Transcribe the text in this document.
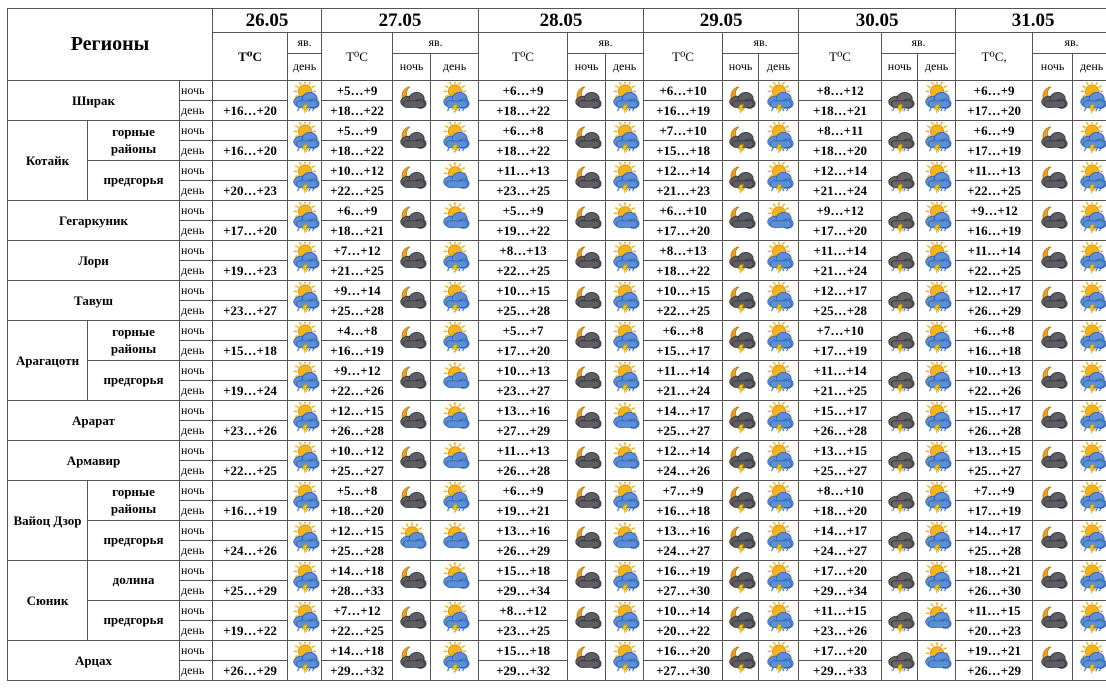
Регионы			26.05		27.05			28.05			29.05			30.05			31.05		
			T⁰C	яв.	T⁰C	яв.		T⁰C	яв.		T⁰C	яв.		T⁰C	яв.		T⁰C,	яв.	
				день		ночь	день		ночь	день		ночь	день		ночь	день		ночь	день
Ширак		ночь			+5…+9			+6…+9			+6…+10			+8…+12			+6…+9		
		день	+16…+20		+18…+22			+18…+22			+16…+19			+18…+21			+17…+20		
Котайк	горные районы	ночь			+5…+9			+6…+8			+7…+10			+8…+11			+6…+9		
		день	+16…+20		+18…+22			+18…+22			+15…+18			+18…+20			+17…+19		
	предгорья	ночь			+10…+12			+11…+13			+12…+14			+12…+14			+11…+13		
		день	+20…+23		+22…+25			+23…+25			+21…+23			+21…+24			+22…+25		
Гегаркуник		ночь			+6…+9			+5…+9			+6…+10			+9…+12			+9…+12		
		день	+17…+20		+18…+21			+19…+22			+17…+20			+17…+20			+16…+19		
Лори		ночь			+7…+12			+8…+13			+8…+13			+11…+14			+11…+14		
		день	+19…+23		+21…+25			+22…+25			+18…+22			+21…+24			+22…+25		
Тавуш		ночь			+9…+14			+10…+15			+10…+15			+12…+17			+12…+17		
		день	+23…+27		+25…+28			+25…+28			+22…+25			+25…+28			+26…+29		
Арагацотн	горные районы	ночь			+4…+8			+5…+7			+6…+8			+7…+10			+6…+8		
		день	+15…+18		+16…+19			+17…+20			+15…+17			+17…+19			+16…+18		
	предгорья	ночь			+9…+12			+10…+13			+11…+14			+11…+14			+10…+13		
		день	+19…+24		+22…+26			+23…+27			+21…+24			+21…+25			+22…+26		
Арарат		ночь			+12…+15			+13…+16			+14…+17			+15…+17			+15…+17		
		день	+23…+26		+26…+28			+27…+29			+25…+27			+26…+28			+26…+28		
Армавир		ночь			+10…+12			+11…+13			+12…+14			+13…+15			+13…+15		
		день	+22…+25		+25…+27			+26…+28			+24…+26			+25…+27			+25…+27		
Вайоц Дзор	горные районы	ночь			+5…+8			+6…+9			+7…+9			+8…+10			+7…+9		
		день	+16…+19		+18…+20			+19…+21			+16…+18			+18…+20			+17…+19		
	предгорья	ночь			+12…+15			+13…+16			+13…+16			+14…+17			+14…+17		
		день	+24…+26		+25…+28			+26…+29			+24…+27			+24…+27			+25…+28		
Сюник	долина	ночь			+14…+18			+15…+18			+16…+19			+17…+20			+18…+21		
		день	+25…+29		+28…+33			+29…+34			+27…+30			+29…+34			+26…+30		
	предгорья	ночь			+7…+12			+8…+12			+10…+14			+11…+15			+11…+15		
		день	+19…+22		+22…+25			+23…+25			+20…+22			+23…+26			+20…+23		
Арцах		ночь			+14…+18			+15…+18			+16…+20			+17…+20			+19…+21		
		день	+26…+29		+29…+32			+29…+32			+27…+30			+29…+33			+26…+29		
